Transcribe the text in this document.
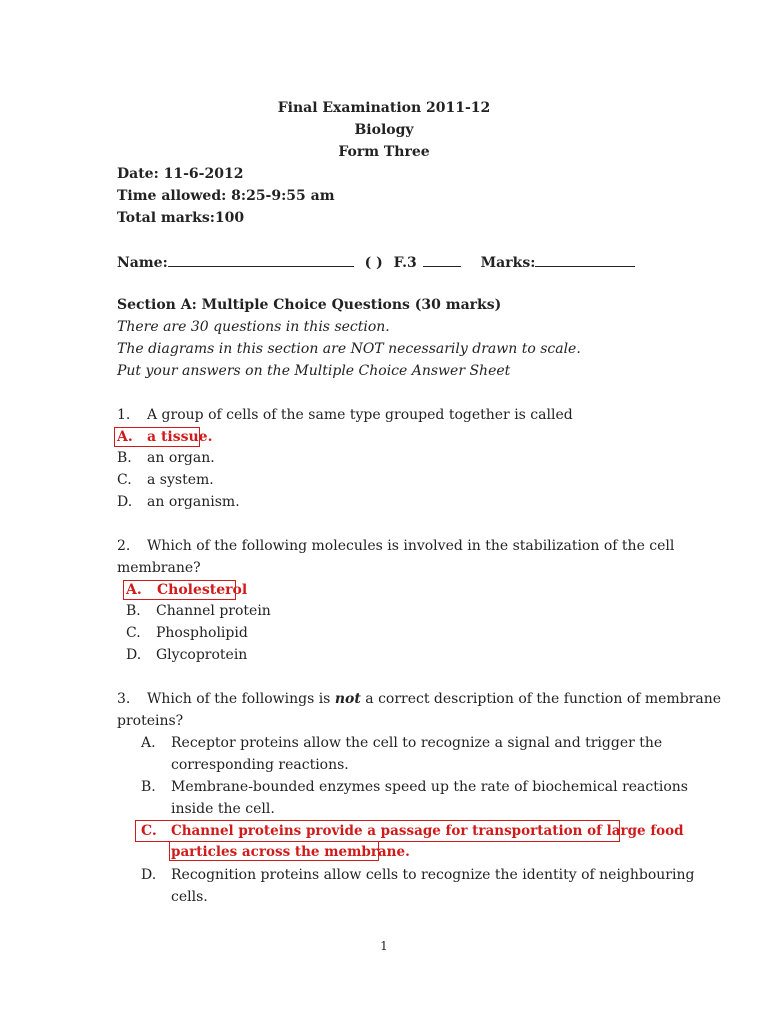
Final Examination 2011-12
Biology
Form Three
Date: 11-6-2012
Time allowed: 8:25-9:55 am
Total marks:100
Name:	( ) F.3	Marks:
Section A: Multiple Choice Questions (30 marks)
There are 30 questions in this section.
The diagrams in this section are NOT necessarily drawn to scale.
Put your answers on the Multiple Choice Answer Sheet
1. A group of cells of the same type grouped together is called
A. a tissue.
B. an organ.
C. a system.
D. an organism.
2. Which of the following molecules is involved in the stabilization of the cell
membrane?
A. Cholesterol
B. Channel protein
C. Phospholipid
D. Glycoprotein
3. Which of the followings is not a correct description of the function of membrane
proteins?
A. Receptor proteins allow the cell to recognize a signal and trigger the
corresponding reactions.
B. Membrane-bounded enzymes speed up the rate of biochemical reactions
inside the cell.
C. Channel proteins provide a passage for transportation of large food
particles across the membrane.
D. Recognition proteins allow cells to recognize the identity of neighbouring
cells.
1
